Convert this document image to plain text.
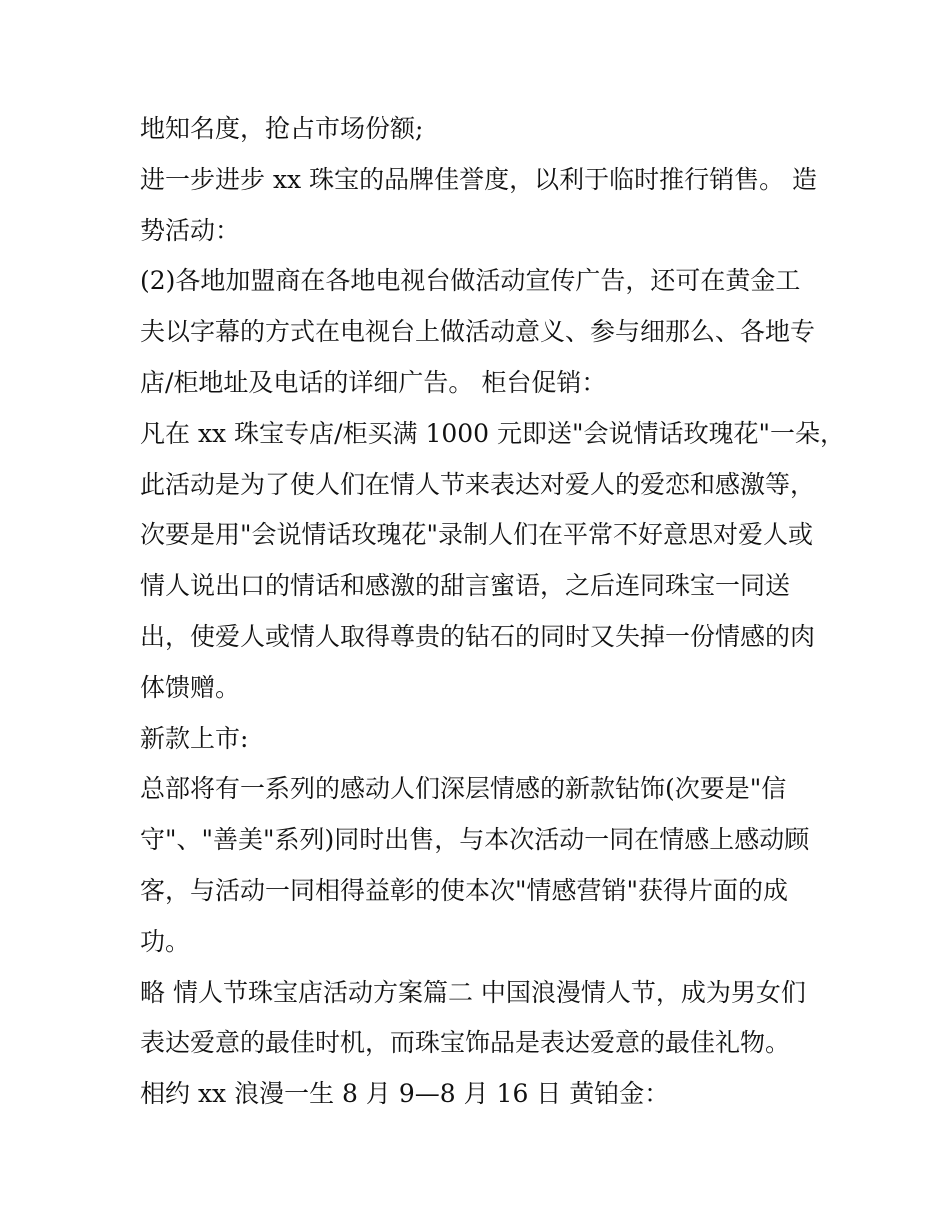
地知名度，抢占市场份额;
进一步进步 xx 珠宝的品牌佳誉度，以利于临时推行销售。 造
势活动：
(2)各地加盟商在各地电视台做活动宣传广告，还可在黄金工
夫以字幕的方式在电视台上做活动意义、参与细那么、各地专
店/柜地址及电话的详细广告。 柜台促销：
凡在 xx 珠宝专店/柜买满 1000 元即送"会说情话玫瑰花"一朵，
此活动是为了使人们在情人节来表达对爱人的爱恋和感激等，
次要是用"会说情话玫瑰花"录制人们在平常不好意思对爱人或
情人说出口的情话和感激的甜言蜜语，之后连同珠宝一同送
出，使爱人或情人取得尊贵的钻石的同时又失掉一份情感的肉
体馈赠。
新款上市:
总部将有一系列的感动人们深层情感的新款钻饰(次要是"信
守"、"善美"系列)同时出售，与本次活动一同在情感上感动顾
客，与活动一同相得益彰的使本次"情感营销"获得片面的成
功。
略 情人节珠宝店活动方案篇二 中国浪漫情人节，成为男女们
表达爱意的最佳时机，而珠宝饰品是表达爱意的最佳礼物。
相约 xx 浪漫一生 8 月 9—8 月 16 日 黄铂金：
